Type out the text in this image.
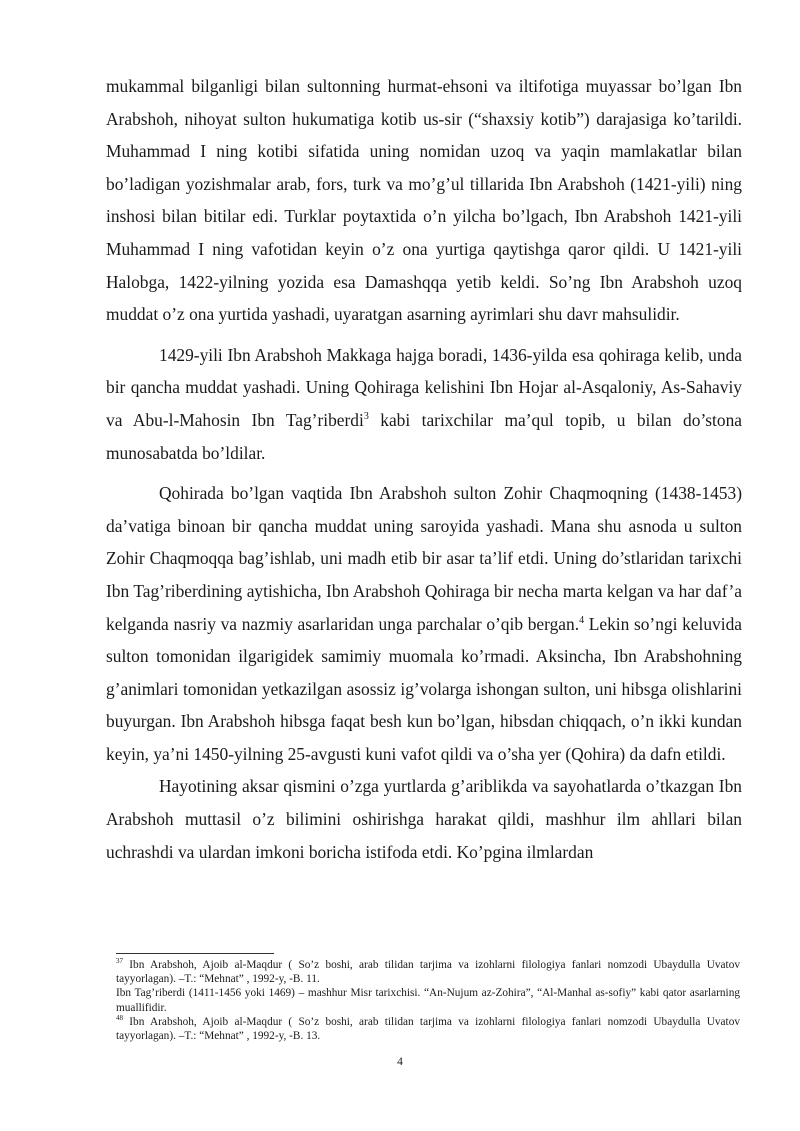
mukammal bilganligi bilan sultonning hurmat-ehsoni va iltifotiga muyassar bo’lgan Ibn Arabshoh, nihoyat sulton hukumatiga kotib us-sir (“shaxsiy kotib”) darajasiga ko’tarildi. Muhammad I ning kotibi sifatida uning nomidan uzoq va yaqin mamlakatlar bilan bo’ladigan yozishmalar arab, fors, turk va mo’g’ul tillarida Ibn Arabshoh (1421-yili) ning inshosi bilan bitilar edi. Turklar poytaxtida o’n yilcha bo’lgach, Ibn Arabshoh 1421-yili Muhammad I ning vafotidan keyin o’z ona yurtiga qaytishga qaror qildi. U 1421-yili Halobga, 1422-yilning yozida esa Damashqqa yetib keldi. So’ng Ibn Arabshoh uzoq muddat o’z ona yurtida yashadi, uyaratgan asarning ayrimlari shu davr mahsulidir.

1429-yili Ibn Arabshoh Makkaga hajga boradi, 1436-yilda esa qohiraga kelib, unda bir qancha muddat yashadi. Uning Qohiraga kelishini Ibn Hojar al-Asqaloniy, As-Sahaviy va Abu-l-Mahosin Ibn Tag’riberdi$^3$ kabi tarixchilar ma’qul topib, u bilan do’stona munosabatda bo’ldilar.

Qohirada bo’lgan vaqtida Ibn Arabshoh sulton Zohir Chaqmoqning (1438-1453) da’vatiga binoan bir qancha muddat uning saroyida yashadi. Mana shu asnoda u sulton Zohir Chaqmoqqa bag’ishlab, uni madh etib bir asar ta’lif etdi. Uning do’stlaridan tarixchi Ibn Tag’riberdining aytishicha, Ibn Arabshoh Qohiraga bir necha marta kelgan va har daf’a kelganda nasriy va nazmiy asarlaridan unga parchalar o’qib bergan.$^4$ Lekin so’ngi keluvida sulton tomonidan ilgarigidek samimiy muomala ko’rmadi. Aksincha, Ibn Arabshohning g’animlari tomonidan yetkazilgan asossiz ig’volarga ishongan sulton, uni hibsga olishlarini buyurgan. Ibn Arabshoh hibsga faqat besh kun bo’lgan, hibsdan chiqqach, o’n ikki kundan keyin, ya’ni 1450-yilning 25-avgusti kuni vafot qildi va o’sha yer (Qohira) da dafn etildi.

Hayotining aksar qismini o’zga yurtlarda g’ariblikda va sayohatlarda o’tkazgan Ibn Arabshoh muttasil o’z bilimini oshirishga harakat qildi, mashhur ilm ahllari bilan uchrashdi va ulardan imkoni boricha istifoda etdi. Ko’pgina ilmlardan

$^{37}$ Ibn Arabshoh, Ajoib al-Maqdur ( So’z boshi, arab tilidan tarjima va izohlarni filologiya fanlari nomzodi Ubaydulla Uvatov tayyorlagan). –T.: “Mehnat” , 1992-y, -B. 11.

Ibn Tag’riberdi (1411-1456 yoki 1469) – mashhur Misr tarixchisi. “An-Nujum az-Zohira”, “Al-Manhal as-sofiy” kabi qator asarlarning muallifidir.

$^{48}$ Ibn Arabshoh, Ajoib al-Maqdur ( So’z boshi, arab tilidan tarjima va izohlarni filologiya fanlari nomzodi Ubaydulla Uvatov tayyorlagan). –T.: “Mehnat” , 1992-y, -B. 13.

4
